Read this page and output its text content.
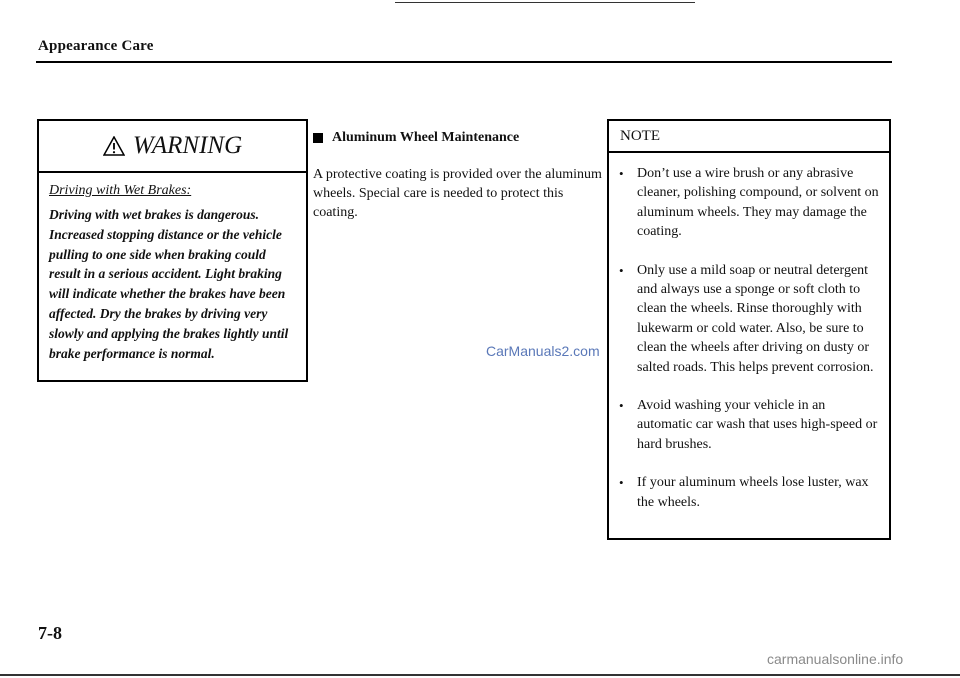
Appearance Care
WARNING
Driving with Wet Brakes:
Driving with wet brakes is dangerous. Increased stopping distance or the vehicle pulling to one side when braking could result in a serious accident. Light braking will indicate whether the brakes have been affected. Dry the brakes by driving very slowly and applying the brakes lightly until brake performance is normal.
Aluminum Wheel Maintenance
A protective coating is provided over the aluminum wheels. Special care is needed to protect this coating.
CarManuals2.com
NOTE
• Don’t use a wire brush or any abrasive cleaner, polishing compound, or solvent on aluminum wheels. They may damage the coating.
• Only use a mild soap or neutral detergent and always use a sponge or soft cloth to clean the wheels. Rinse thoroughly with lukewarm or cold water. Also, be sure to clean the wheels after driving on dusty or salted roads. This helps prevent corrosion.
• Avoid washing your vehicle in an automatic car wash that uses high-speed or hard brushes.
• If your aluminum wheels lose luster, wax the wheels.
7-8
carmanualsonline.info
